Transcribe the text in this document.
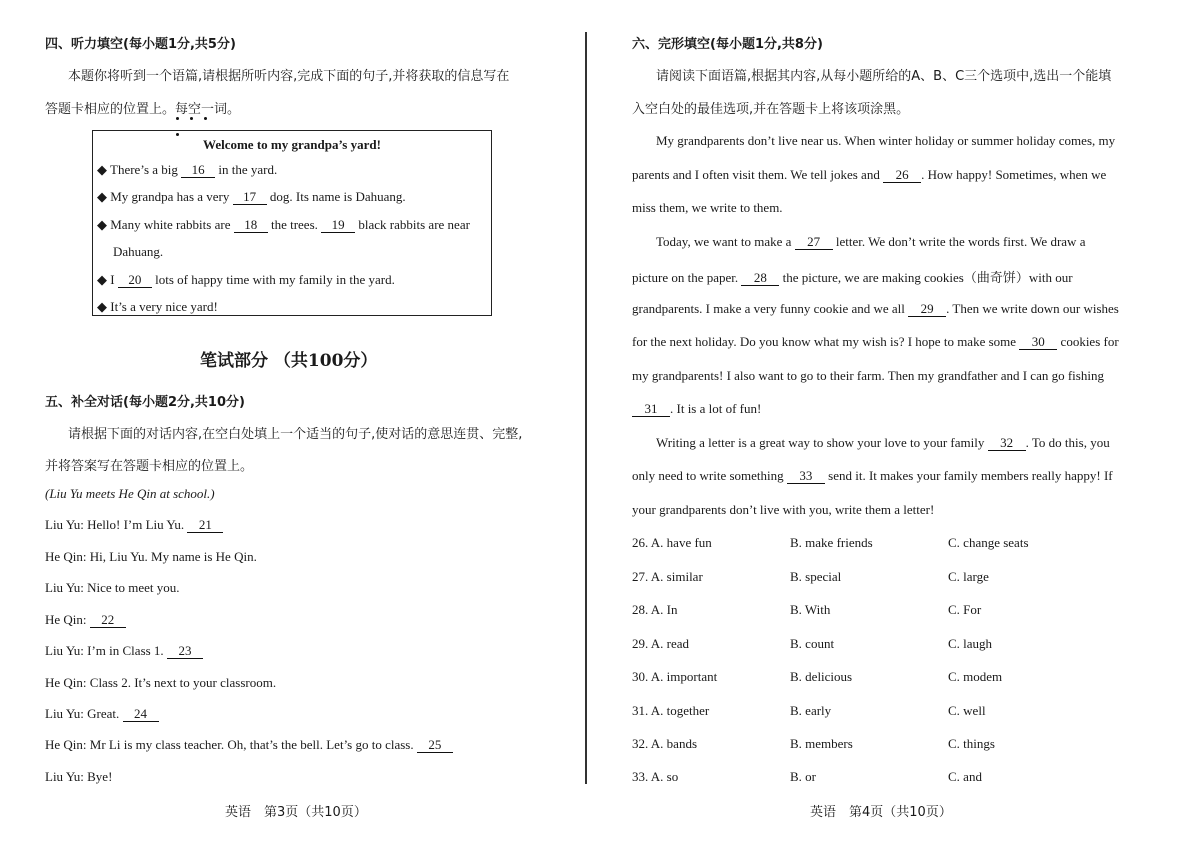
四、听力填空(每小题1分,共5分)
本题你将听到一个语篇,请根据所听内容,完成下面的句子,并将获取的信息写在
答题卡相应的位置上。每空一词。
Welcome to my grandpa’s yard!
◆ There’s a big 16 in the yard.
◆ My grandpa has a very 17 dog. Its name is Dahuang.
◆ Many white rabbits are 18 the trees. 19 black rabbits are near
Dahuang.
◆ I 20 lots of happy time with my family in the yard.
◆ It’s a very nice yard!
笔试部分 （共100分）
五、补全对话(每小题2分,共10分)
请根据下面的对话内容,在空白处填上一个适当的句子,使对话的意思连贯、完整,
并将答案写在答题卡相应的位置上。
(Liu Yu meets He Qin at school.)
Liu Yu: Hello! I’m Liu Yu. 21
He Qin: Hi, Liu Yu. My name is He Qin.
Liu Yu: Nice to meet you.
He Qin: 22
Liu Yu: I’m in Class 1. 23
He Qin: Class 2. It’s next to your classroom.
Liu Yu: Great. 24
He Qin: Mr Li is my class teacher. Oh, that’s the bell. Let’s go to class. 25
Liu Yu: Bye!
英语　第3页（共10页）
六、完形填空(每小题1分,共8分)
请阅读下面语篇,根据其内容,从每小题所给的A、B、C三个选项中,选出一个能填
入空白处的最佳选项,并在答题卡上将该项涂黑。
My grandparents don’t live near us. When winter holiday or summer holiday comes, my
parents and I often visit them. We tell jokes and 26 . How happy! Sometimes, when we
miss them, we write to them.
Today, we want to make a 27 letter. We don’t write the words first. We draw a
picture on the paper. 28 the picture, we are making cookies（曲奇饼）with our
grandparents. I make a very funny cookie and we all 29 . Then we write down our wishes
for the next holiday. Do you know what my wish is? I hope to make some 30 cookies for
my grandparents! I also want to go to their farm. Then my grandfather and I can go fishing
31 . It is a lot of fun!
Writing a letter is a great way to show your love to your family 32 . To do this, you
only need to write something 33 send it. It makes your family members really happy! If
your grandparents don’t live with you, write them a letter!
26. A. have fun	B. make friends	C. change seats
27. A. similar	B. special	C. large
28. A. In	B. With	C. For
29. A. read	B. count	C. laugh
30. A. important	B. delicious	C. modem
31. A. together	B. early	C. well
32. A. bands	B. members	C. things
33. A. so	B. or	C. and
英语　第4页（共10页）
